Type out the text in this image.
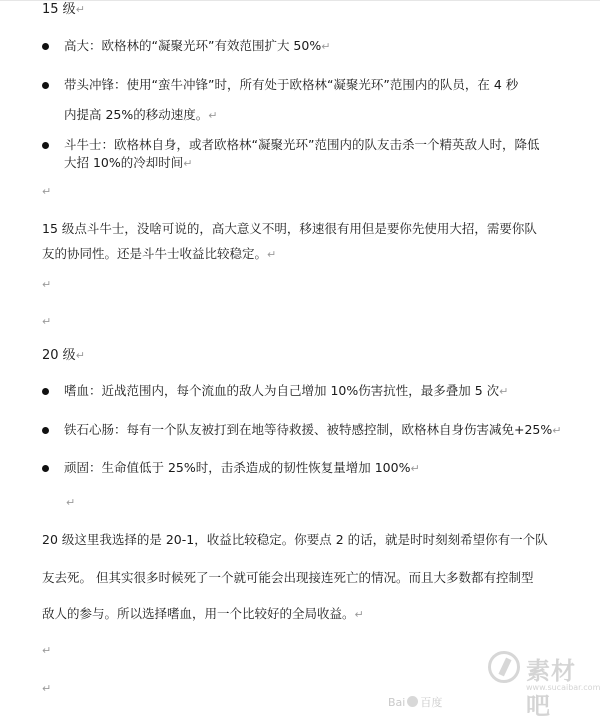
15 级↵
高大：欧格林的“凝聚光环”有效范围扩大 50%↵
带头冲锋：使用“蛮牛冲锋”时，所有处于欧格林“凝聚光环”范围内的队员，在 4 秒
内提高 25%的移动速度。↵
斗牛士：欧格林自身，或者欧格林“凝聚光环”范围内的队友击杀一个精英敌人时，降低
大招 10%的冷却时间↵
↵
15 级点斗牛士，没啥可说的，高大意义不明，移速很有用但是要你先使用大招，需要你队
友的协同性。还是斗牛士收益比较稳定。↵
↵
↵
20 级↵
嗜血：近战范围内，每个流血的敌人为自己增加 10%伤害抗性，最多叠加 5 次↵
铁石心肠：每有一个队友被打到在地等待救援、被特感控制，欧格林自身伤害减免+25%↵
顽固：生命值低于 25%时，击杀造成的韧性恢复量增加 100%↵
↵
20 级这里我选择的是 20-1，收益比较稳定。你要点 2 的话，就是时时刻刻希望你有一个队
友去死。 但其实很多时候死了一个就可能会出现接连死亡的情况。而且大多数都有控制型
敌人的参与。所以选择嗜血，用一个比较好的全局收益。↵
↵
↵
Bai 百度
素材吧
www.sucaibar.com
